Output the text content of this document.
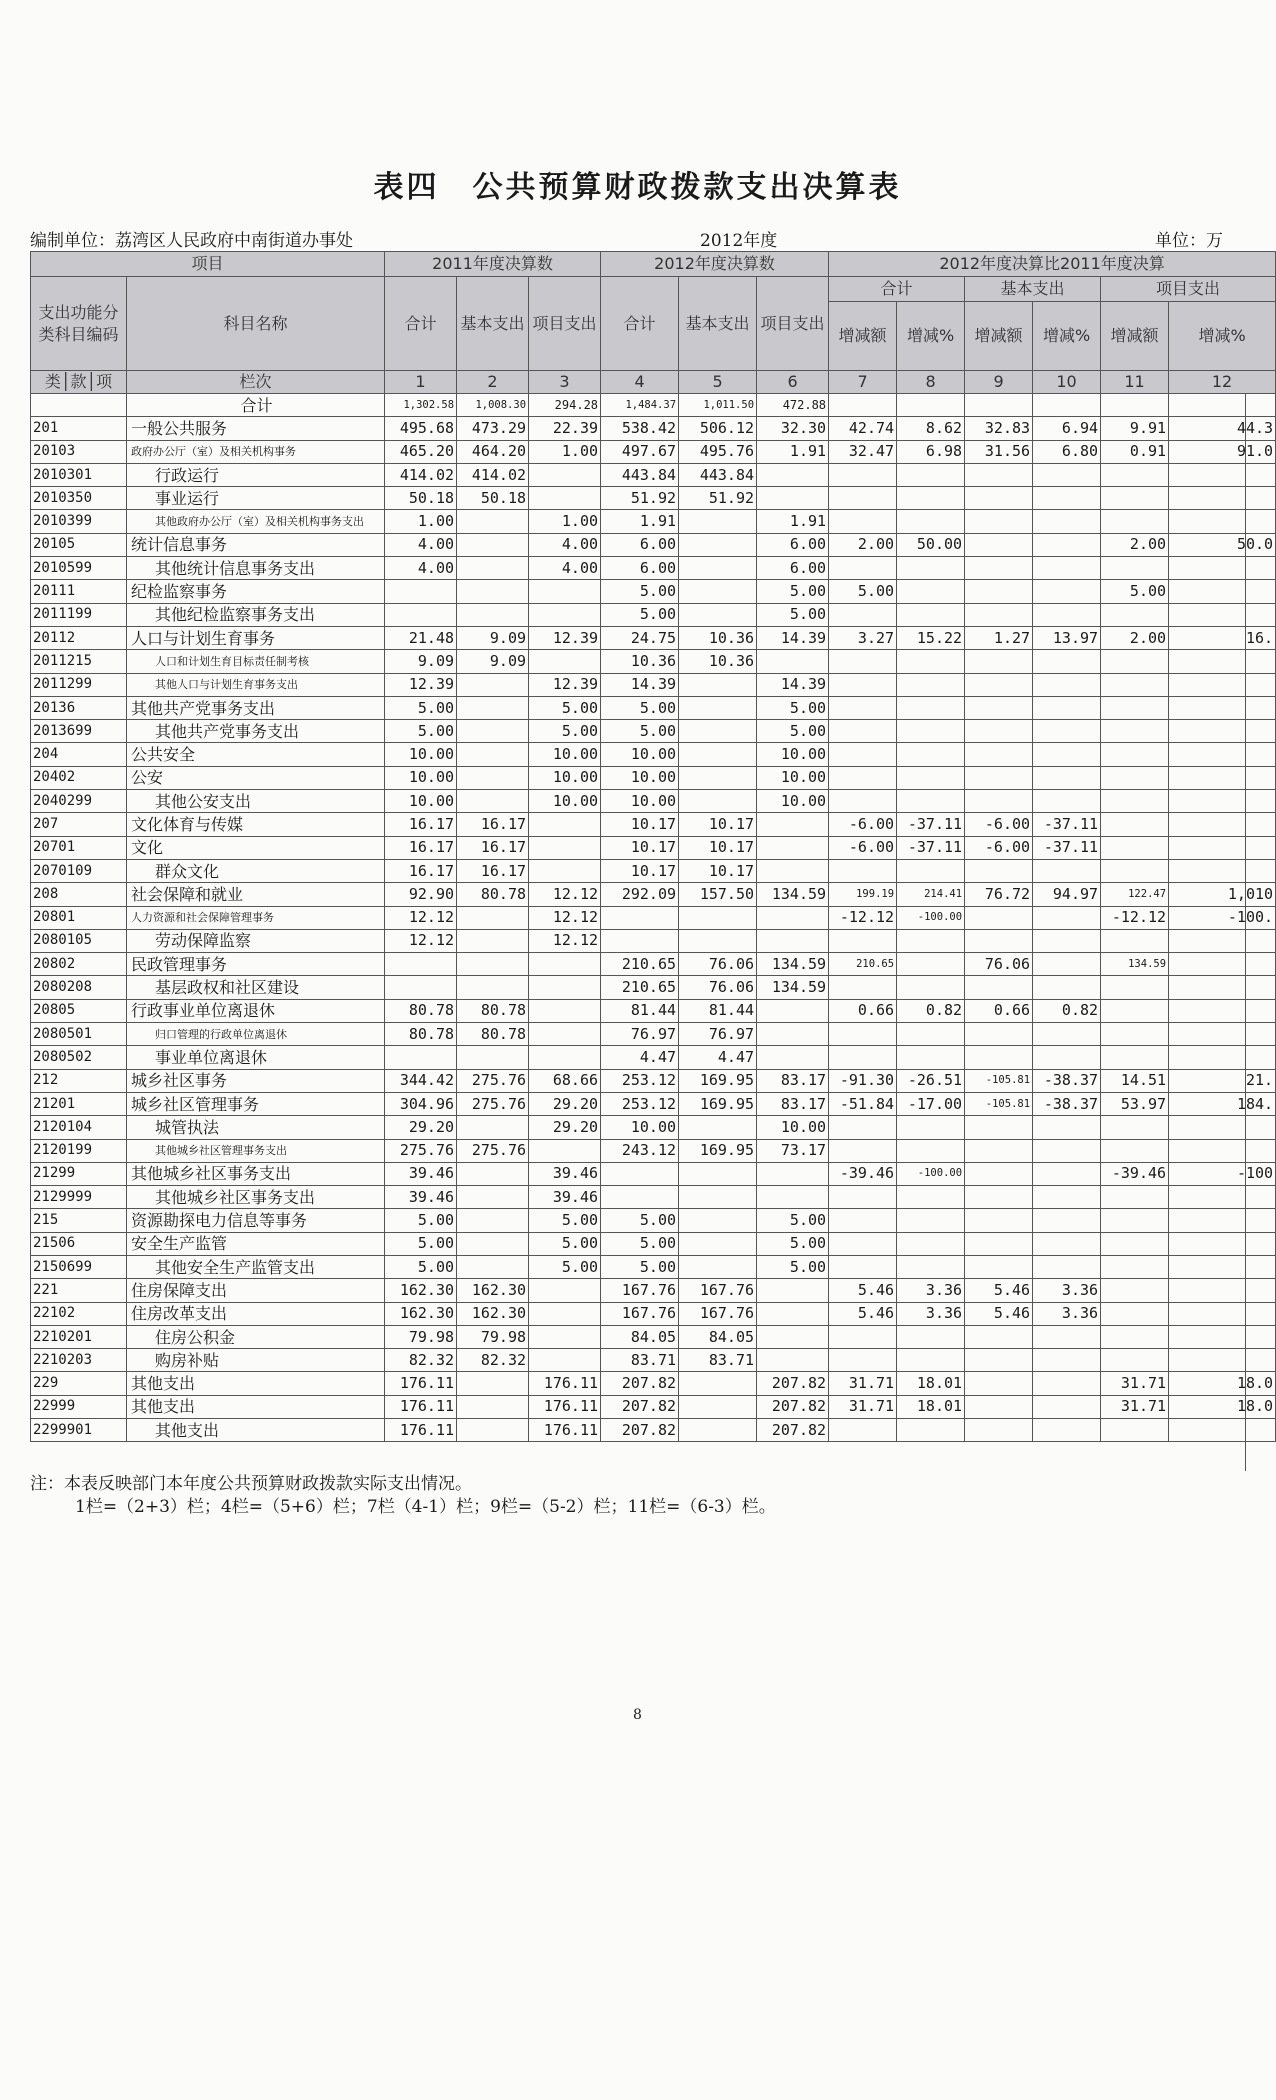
表四　公共预算财政拨款支出决算表
编制单位：荔湾区人民政府中南街道办事处	2012年度	单位：万
项目		2011年度决算数			2012年度决算数			2012年度决算比2011年度决算					
支出功能分类科目编码	科目名称	合计	基本支出	项目支出	合计	基本支出	项目支出	合计		基本支出		项目支出	
								增减额	增减%	增减额	增减%	增减额	增减%
类│款│项	栏次	1	2	3	4	5	6	7	8	9	10	11	12
	合计	1,302.58	1,008.30	294.28	1,484.37	1,011.50	472.88						
201	一般公共服务	495.68	473.29	22.39	538.42	506.12	32.30	42.74	8.62	32.83	6.94	9.91	44.3
20103	政府办公厅（室）及相关机构事务	465.20	464.20	1.00	497.67	495.76	1.91	32.47	6.98	31.56	6.80	0.91	91.0
2010301	行政运行	414.02	414.02		443.84	443.84							
2010350	事业运行	50.18	50.18		51.92	51.92							
2010399	其他政府办公厅（室）及相关机构事务支出	1.00		1.00	1.91		1.91						
20105	统计信息事务	4.00		4.00	6.00		6.00	2.00	50.00			2.00	50.0
2010599	其他统计信息事务支出	4.00		4.00	6.00		6.00						
20111	纪检监察事务				5.00		5.00	5.00				5.00	
2011199	其他纪检监察事务支出				5.00		5.00						
20112	人口与计划生育事务	21.48	9.09	12.39	24.75	10.36	14.39	3.27	15.22	1.27	13.97	2.00	16.
2011215	人口和计划生育目标责任制考核	9.09	9.09		10.36	10.36							
2011299	其他人口与计划生育事务支出	12.39		12.39	14.39		14.39						
20136	其他共产党事务支出	5.00		5.00	5.00		5.00						
2013699	其他共产党事务支出	5.00		5.00	5.00		5.00						
204	公共安全	10.00		10.00	10.00		10.00						
20402	公安	10.00		10.00	10.00		10.00						
2040299	其他公安支出	10.00		10.00	10.00		10.00						
207	文化体育与传媒	16.17	16.17		10.17	10.17		-6.00	-37.11	-6.00	-37.11		
20701	文化	16.17	16.17		10.17	10.17		-6.00	-37.11	-6.00	-37.11		
2070109	群众文化	16.17	16.17		10.17	10.17							
208	社会保障和就业	92.90	80.78	12.12	292.09	157.50	134.59	199.19	214.41	76.72	94.97	122.47	1,010
20801	人力资源和社会保障管理事务	12.12		12.12				-12.12	-100.00			-12.12	-100.
2080105	劳动保障监察	12.12		12.12									
20802	民政管理事务				210.65	76.06	134.59	210.65		76.06		134.59	
2080208	基层政权和社区建设				210.65	76.06	134.59						
20805	行政事业单位离退休	80.78	80.78		81.44	81.44		0.66	0.82	0.66	0.82		
2080501	归口管理的行政单位离退休	80.78	80.78		76.97	76.97							
2080502	事业单位离退休				4.47	4.47							
212	城乡社区事务	344.42	275.76	68.66	253.12	169.95	83.17	-91.30	-26.51	-105.81	-38.37	14.51	21.
21201	城乡社区管理事务	304.96	275.76	29.20	253.12	169.95	83.17	-51.84	-17.00	-105.81	-38.37	53.97	184.
2120104	城管执法	29.20		29.20	10.00		10.00						
2120199	其他城乡社区管理事务支出	275.76	275.76		243.12	169.95	73.17						
21299	其他城乡社区事务支出	39.46		39.46				-39.46	-100.00			-39.46	-100
2129999	其他城乡社区事务支出	39.46		39.46									
215	资源勘探电力信息等事务	5.00		5.00	5.00		5.00						
21506	安全生产监管	5.00		5.00	5.00		5.00						
2150699	其他安全生产监管支出	5.00		5.00	5.00		5.00						
221	住房保障支出	162.30	162.30		167.76	167.76		5.46	3.36	5.46	3.36		
22102	住房改革支出	162.30	162.30		167.76	167.76		5.46	3.36	5.46	3.36		
2210201	住房公积金	79.98	79.98		84.05	84.05							
2210203	购房补贴	82.32	82.32		83.71	83.71							
229	其他支出	176.11		176.11	207.82		207.82	31.71	18.01			31.71	18.0
22999	其他支出	176.11		176.11	207.82		207.82	31.71	18.01			31.71	18.0
2299901	其他支出	176.11		176.11	207.82		207.82						
注：本表反映部门本年度公共预算财政拨款实际支出情况。
1栏=（2+3）栏；4栏=（5+6）栏；7栏（4-1）栏；9栏=（5-2）栏；11栏=（6-3）栏。
8
